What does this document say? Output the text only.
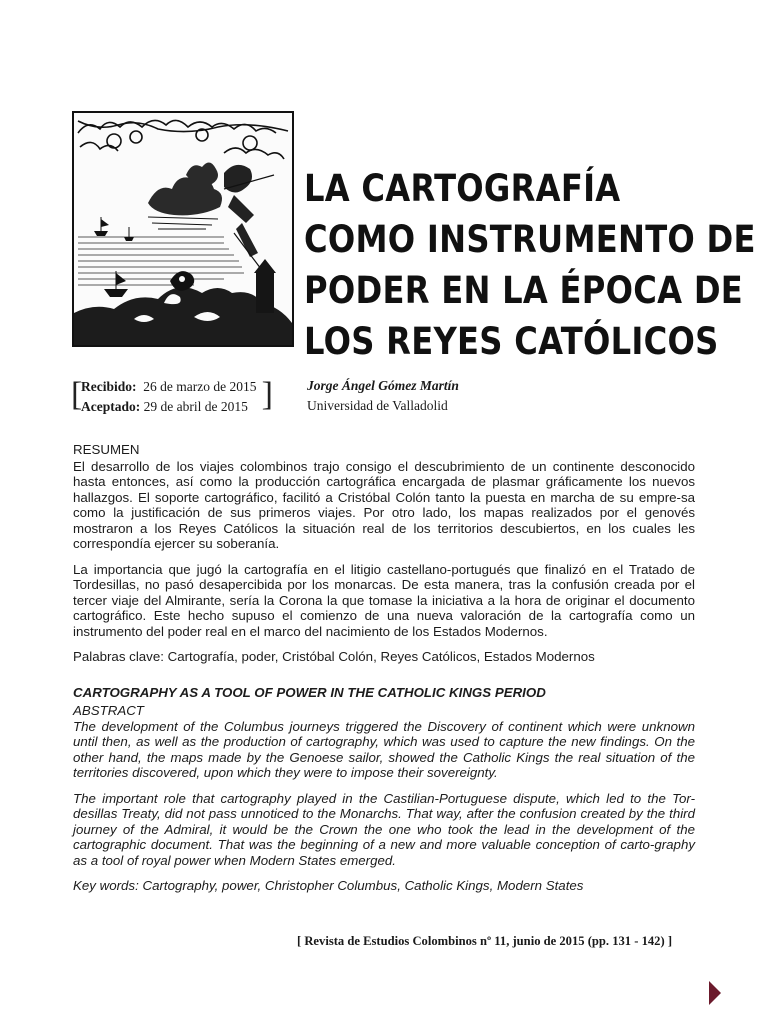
LA CARTOGRAFÍA
COMO INSTRUMENTO DE
PODER EN LA ÉPOCA DE
LOS REYES CATÓLICOS
[
Recibido: 26 de marzo de 2015
Aceptado: 29 de abril de 2015 ]	Jorge Ángel Gómez Martín
Universidad de Valladolid

RESUMEN

El desarrollo de los viajes colombinos trajo consigo el descubrimiento de un continente desconocido hasta entonces, así como la producción cartográfica encargada de plasmar gráficamente los nuevos hallazgos. El soporte cartográfico, facilitó a Cristóbal Colón tanto la puesta en marcha de su empre-sa como la justificación de sus primeros viajes. Por otro lado, los mapas realizados por el genovés mostraron a los Reyes Católicos la situación real de los territorios descubiertos, en los cuales les correspondía ejercer su soberanía.

La importancia que jugó la cartografía en el litigio castellano-portugués que finalizó en el Tratado de Tordesillas, no pasó desapercibida por los monarcas. De esta manera, tras la confusión creada por el tercer viaje del Almirante, sería la Corona la que tomase la iniciativa a la hora de originar el documento cartográfico. Este hecho supuso el comienzo de una nueva valoración de la cartografía como un instrumento del poder real en el marco del nacimiento de los Estados Modernos.

Palabras clave: Cartografía, poder, Cristóbal Colón, Reyes Católicos, Estados Modernos

CARTOGRAPHY AS A TOOL OF POWER IN THE CATHOLIC KINGS PERIOD

ABSTRACT

The development of the Columbus journeys triggered the Discovery of continent which were unknown until then, as well as the production of cartography, which was used to capture the new findings. On the other hand, the maps made by the Genoese sailor, showed the Catholic Kings the real situation of the territories discovered, upon which they were to impose their sovereignty.

The important role that cartography played in the Castilian-Portuguese dispute, which led to the Tor-desillas Treaty, did not pass unnoticed to the Monarchs. That way, after the confusion created by the third journey of the Admiral, it would be the Crown the one who took the lead in the development of the cartographic document. That was the beginning of a new and more valuable conception of carto-graphy as a tool of royal power when Modern States emerged.

Key words: Cartography, power, Christopher Columbus, Catholic Kings, Modern States

[ Revista de Estudios Colombinos nº 11, junio de 2015 (pp. 131 - 142) ]
